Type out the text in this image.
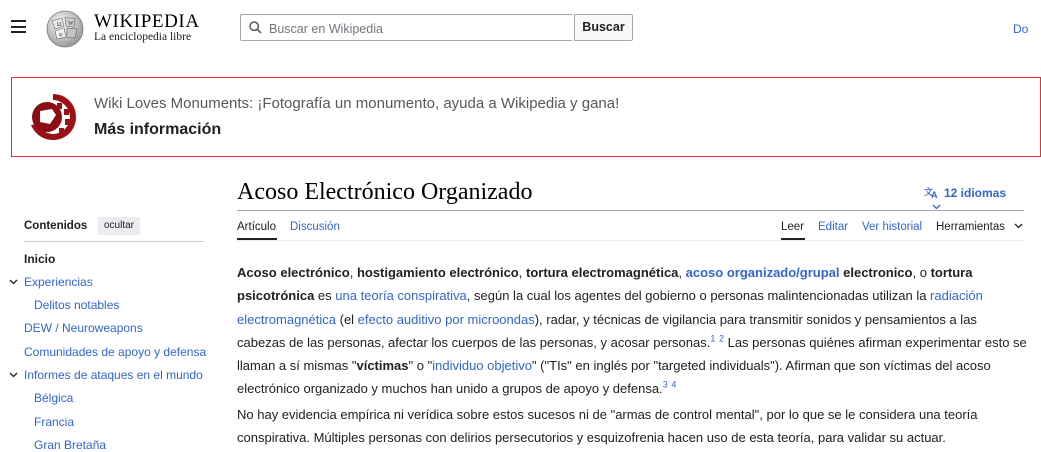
Ω W
ψ
WIKIPEDIA
La enciclopedia libre
Buscar en Wikipedia
Buscar	Do
Wiki Loves Monuments: ¡Fotografía un monumento, ayuda a Wikipedia y gana!
Más información
Contenidos	ocultar
Inicio
Experiencias
Delitos notables
DEW / Neuroweapons
Comunidades de apoyo y defensa
Informes de ataques en el mundo
Bélgica
Francia
Gran Bretaña
Acoso Electrónico Organizado	文
A 12 idiomas
Artículo Discusión	Leer Editar Ver historial Herramientas
Acoso electrónico, hostigamiento electrónico, tortura electromagnética, acoso organizado/grupal electronico, o tortura psicotrónica es una teoría conspirativa, según la cual los agentes del gobierno o personas malintencionadas utilizan la radiación electromagnética (el efecto auditivo por microondas), radar, y técnicas de vigilancia para transmitir sonidos y pensamientos a las cabezas de las personas, afectar los cuerpos de las personas, y acosar personas.$^1$ $^2$ Las personas quiénes afirman experimentar esto se llaman a sí mismas "víctimas" o "individuo objetivo" ("TIs" en inglés por "targeted individuals"). Afirman que son víctimas del acoso electrónico organizado y muchos han unido a grupos de apoyo y defensa.$^3$ $^4$
No hay evidencia empírica ni verídica sobre estos sucesos ni de "armas de control mental", por lo que se le considera una teoría conspirativa. Múltiples personas con delirios persecutorios y esquizofrenia hacen uso de esta teoría, para validar su actuar.
